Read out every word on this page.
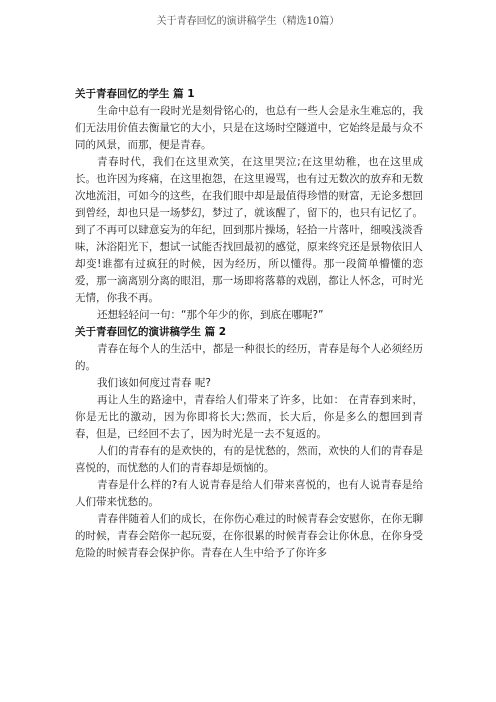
关于青春回忆的演讲稿学生（精选10篇）
关于青春回忆的学生 篇 1

生命中总有一段时光是刻骨铭心的，也总有一些人会是永生难忘的，我们无法用价值去衡量它的大小，只是在这场时空隧道中，它始终是最与众不同的风景，而那，便是青春。

青春时代，我们在这里欢笑，在这里哭泣;在这里幼稚，也在这里成长。也许因为疼痛，在这里抱怨，在这里谩骂，也有过无数次的放弃和无数次地流泪，可如今的这些，在我们眼中却是最值得珍惜的财富，无论多想回到曾经，却也只是一场梦幻，梦过了，就该醒了，留下的，也只有记忆了。到了不再可以肆意妄为的年纪，回到那片操场，轻拾一片落叶，细嗅浅淡香味，沐浴阳光下，想试一试能否找回最初的感觉，原来终究还是景物依旧人却变!谁都有过疯狂的时候，因为经历，所以懂得。那一段简单懵懂的恋爱，那一滴离别分离的眼泪，那一场即将落幕的戏剧，都让人怀念，可时光无情，你我不再。

还想轻轻问一句：“那个年少的你，到底在哪呢?”

关于青春回忆的演讲稿学生 篇 2

青春在每个人的生活中，都是一种很长的经历，青春是每个人必须经历的。

我们该如何度过青春 呢?

再让人生的路途中，青春给人们带来了许多，比如： 在青春到来时，你是无比的激动，因为你即将长大;然而，长大后，你是多么的想回到青春，但是，已经回不去了，因为时光是一去不复返的。

人们的青春有的是欢快的，有的是忧愁的，然而，欢快的人们的青春是喜悦的，而忧愁的人们的青春却是烦恼的。

青春是什么样的?有人说青春是给人们带来喜悦的，也有人说青春是给人们带来忧愁的。

青春伴随着人们的成长，在你伤心难过的时候青春会安慰你，在你无聊的时候，青春会陪你一起玩耍，在你很累的时候青春会让你休息，在你身受危险的时候青春会保护你。青春在人生中给予了你许多
